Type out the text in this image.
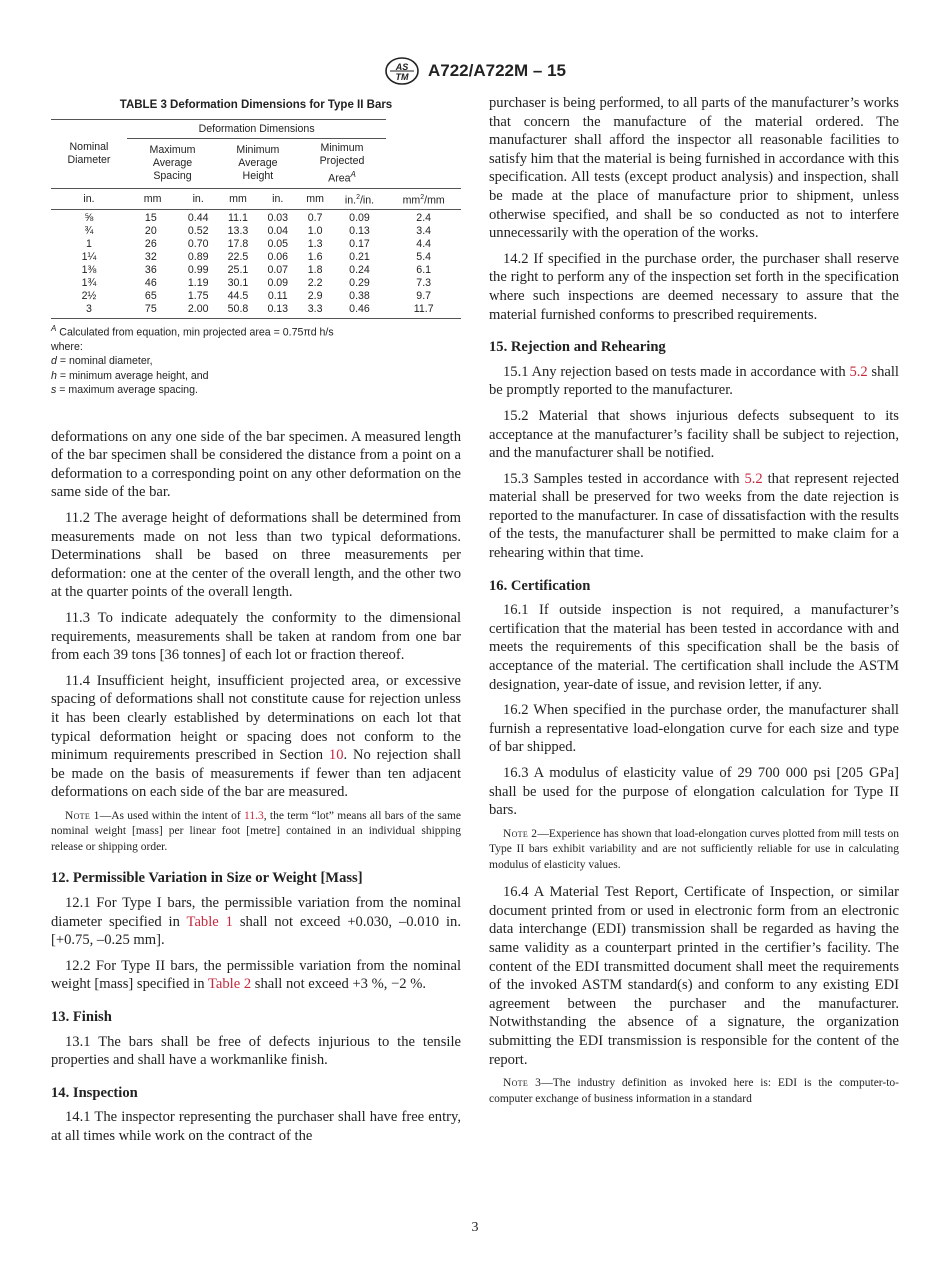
AS
TM A722/A722M – 15
TABLE 3 Deformation Dimensions for Type II Bars
Nominal
Diameter	Deformation Dimensions						
	Maximum
Average
Spacing		Minimum
Average
Height		Minimum
Projected
Area$^A$
in.	mm	in.	mm	in.	mm	in.$^2$/in.	$mm^2/mm$
⅝	15	0.44	11.1	0.03	0.7	0.09	2.4
¾	20	0.52	13.3	0.04	1.0	0.13	3.4
1	26	0.70	17.8	0.05	1.3	0.17	4.4
1¼	32	0.89	22.5	0.06	1.6	0.21	5.4
1⅜	36	0.99	25.1	0.07	1.8	0.24	6.1
1¾	46	1.19	30.1	0.09	2.2	0.29	7.3
2½	65	1.75	44.5	0.11	2.9	0.38	9.7
3	75	2.00	50.8	0.13	3.3	0.46	11.7
$^A$ Calculated from equation, min projected area = 0.75πd h/s
where:
d = nominal diameter,
h = minimum average height, and
s = maximum average spacing.

deformations on any one side of the bar specimen. A measured length of the bar specimen shall be considered the distance from a point on a deformation to a corresponding point on any other deformation on the same side of the bar.

11.2 The average height of deformations shall be determined from measurements made on not less than two typical deformations. Determinations shall be based on three measurements per deformation: one at the center of the overall length, and the other two at the quarter points of the overall length.

11.3 To indicate adequately the conformity to the dimensional requirements, measurements shall be taken at random from one bar from each 39 tons [36 tonnes] of each lot or fraction thereof.

11.4 Insufficient height, insufficient projected area, or excessive spacing of deformations shall not constitute cause for rejection unless it has been clearly established by determinations on each lot that typical deformation height or spacing does not conform to the minimum requirements prescribed in Section 10. No rejection shall be made on the basis of measurements if fewer than ten adjacent deformations on each side of the bar are measured.

Note 1—As used within the intent of 11.3, the term “lot” means all bars of the same nominal weight [mass] per linear foot [metre] contained in an individual shipping release or shipping order.
12. Permissible Variation in Size or Weight [Mass]

12.1 For Type I bars, the permissible variation from the nominal diameter specified in Table 1 shall not exceed +0.030, –0.010 in. [+0.75, –0.25 mm].

12.2 For Type II bars, the permissible variation from the nominal weight [mass] specified in Table 2 shall not exceed +3 %, −2 %.

13. Finish

13.1 The bars shall be free of defects injurious to the tensile properties and shall have a workmanlike finish.

14. Inspection

14.1 The inspector representing the purchaser shall have free entry, at all times while work on the contract of the

purchaser is being performed, to all parts of the manufacturer’s works that concern the manufacture of the material ordered. The manufacturer shall afford the inspector all reasonable facilities to satisfy him that the material is being furnished in accordance with this specification. All tests (except product analysis) and inspection, shall be made at the place of manufacture prior to shipment, unless otherwise specified, and shall be so conducted as not to interfere unnecessarily with the operation of the works.

14.2 If specified in the purchase order, the purchaser shall reserve the right to perform any of the inspection set forth in the specification where such inspections are deemed necessary to assure that the material furnished conforms to prescribed requirements.

15. Rejection and Rehearing

15.1 Any rejection based on tests made in accordance with 5.2 shall be promptly reported to the manufacturer.

15.2 Material that shows injurious defects subsequent to its acceptance at the manufacturer’s facility shall be subject to rejection, and the manufacturer shall be notified.

15.3 Samples tested in accordance with 5.2 that represent rejected material shall be preserved for two weeks from the date rejection is reported to the manufacturer. In case of dissatisfaction with the results of the tests, the manufacturer shall be permitted to make claim for a rehearing within that time.

16. Certification

16.1 If outside inspection is not required, a manufacturer’s certification that the material has been tested in accordance with and meets the requirements of this specification shall be the basis of acceptance of the material. The certification shall include the ASTM designation, year-date of issue, and revision letter, if any.

16.2 When specified in the purchase order, the manufacturer shall furnish a representative load-elongation curve for each size and type of bar shipped.

16.3 A modulus of elasticity value of 29 700 000 psi [205 GPa] shall be used for the purpose of elongation calculation for Type II bars.

Note 2—Experience has shown that load-elongation curves plotted from mill tests on Type II bars exhibit variability and are not sufficiently reliable for use in calculating modulus of elasticity values.

16.4 A Material Test Report, Certificate of Inspection, or similar document printed from or used in electronic form from an electronic data interchange (EDI) transmission shall be regarded as having the same validity as a counterpart printed in the certifier’s facility. The content of the EDI transmitted document shall meet the requirements of the invoked ASTM standard(s) and conform to any existing EDI agreement between the purchaser and the manufacturer. Notwithstanding the absence of a signature, the organization submitting the EDI transmission is responsible for the content of the report.

Note 3—The industry definition as invoked here is: EDI is the computer-to-computer exchange of business information in a standard
3
